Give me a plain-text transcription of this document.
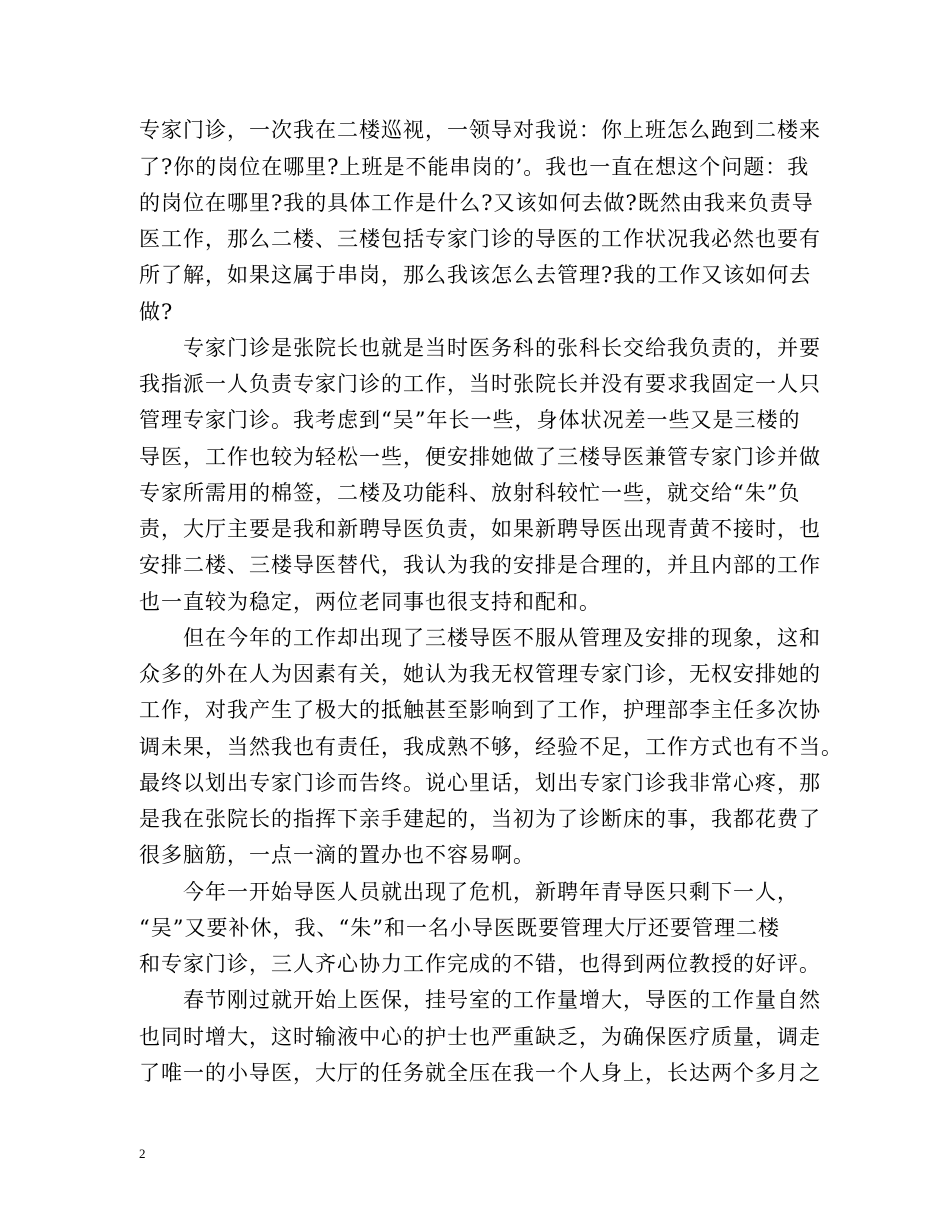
专家门诊，一次我在二楼巡视，一领导对我说：你上班怎么跑到二楼来
了?你的岗位在哪里?上班是不能串岗的’。我也一直在想这个问题：我
的岗位在哪里?我的具体工作是什么?又该如何去做?既然由我来负责导
医工作，那么二楼、三楼包括专家门诊的导医的工作状况我必然也要有
所了解，如果这属于串岗，那么我该怎么去管理?我的工作又该如何去
做?
　　专家门诊是张院长也就是当时医务科的张科长交给我负责的，并要
我指派一人负责专家门诊的工作，当时张院长并没有要求我固定一人只
管理专家门诊。我考虑到“吴”年长一些，身体状况差一些又是三楼的
导医，工作也较为轻松一些，便安排她做了三楼导医兼管专家门诊并做
专家所需用的棉签，二楼及功能科、放射科较忙一些，就交给“朱”负
责，大厅主要是我和新聘导医负责，如果新聘导医出现青黄不接时，也
安排二楼、三楼导医替代，我认为我的安排是合理的，并且内部的工作
也一直较为稳定，两位老同事也很支持和配和。
　　但在今年的工作却出现了三楼导医不服从管理及安排的现象，这和
众多的外在人为因素有关，她认为我无权管理专家门诊，无权安排她的
工作，对我产生了极大的抵触甚至影响到了工作，护理部李主任多次协
调未果，当然我也有责任，我成熟不够，经验不足，工作方式也有不当。
最终以划出专家门诊而告终。说心里话，划出专家门诊我非常心疼，那
是我在张院长的指挥下亲手建起的，当初为了诊断床的事，我都花费了
很多脑筋，一点一滴的置办也不容易啊。
　　今年一开始导医人员就出现了危机，新聘年青导医只剩下一人，
“吴”又要补休，我、“朱”和一名小导医既要管理大厅还要管理二楼
和专家门诊，三人齐心协力工作完成的不错，也得到两位教授的好评。
　　春节刚过就开始上医保，挂号室的工作量增大，导医的工作量自然
也同时增大，这时输液中心的护士也严重缺乏，为确保医疗质量，调走
了唯一的小导医，大厅的任务就全压在我一个人身上，长达两个多月之
2
